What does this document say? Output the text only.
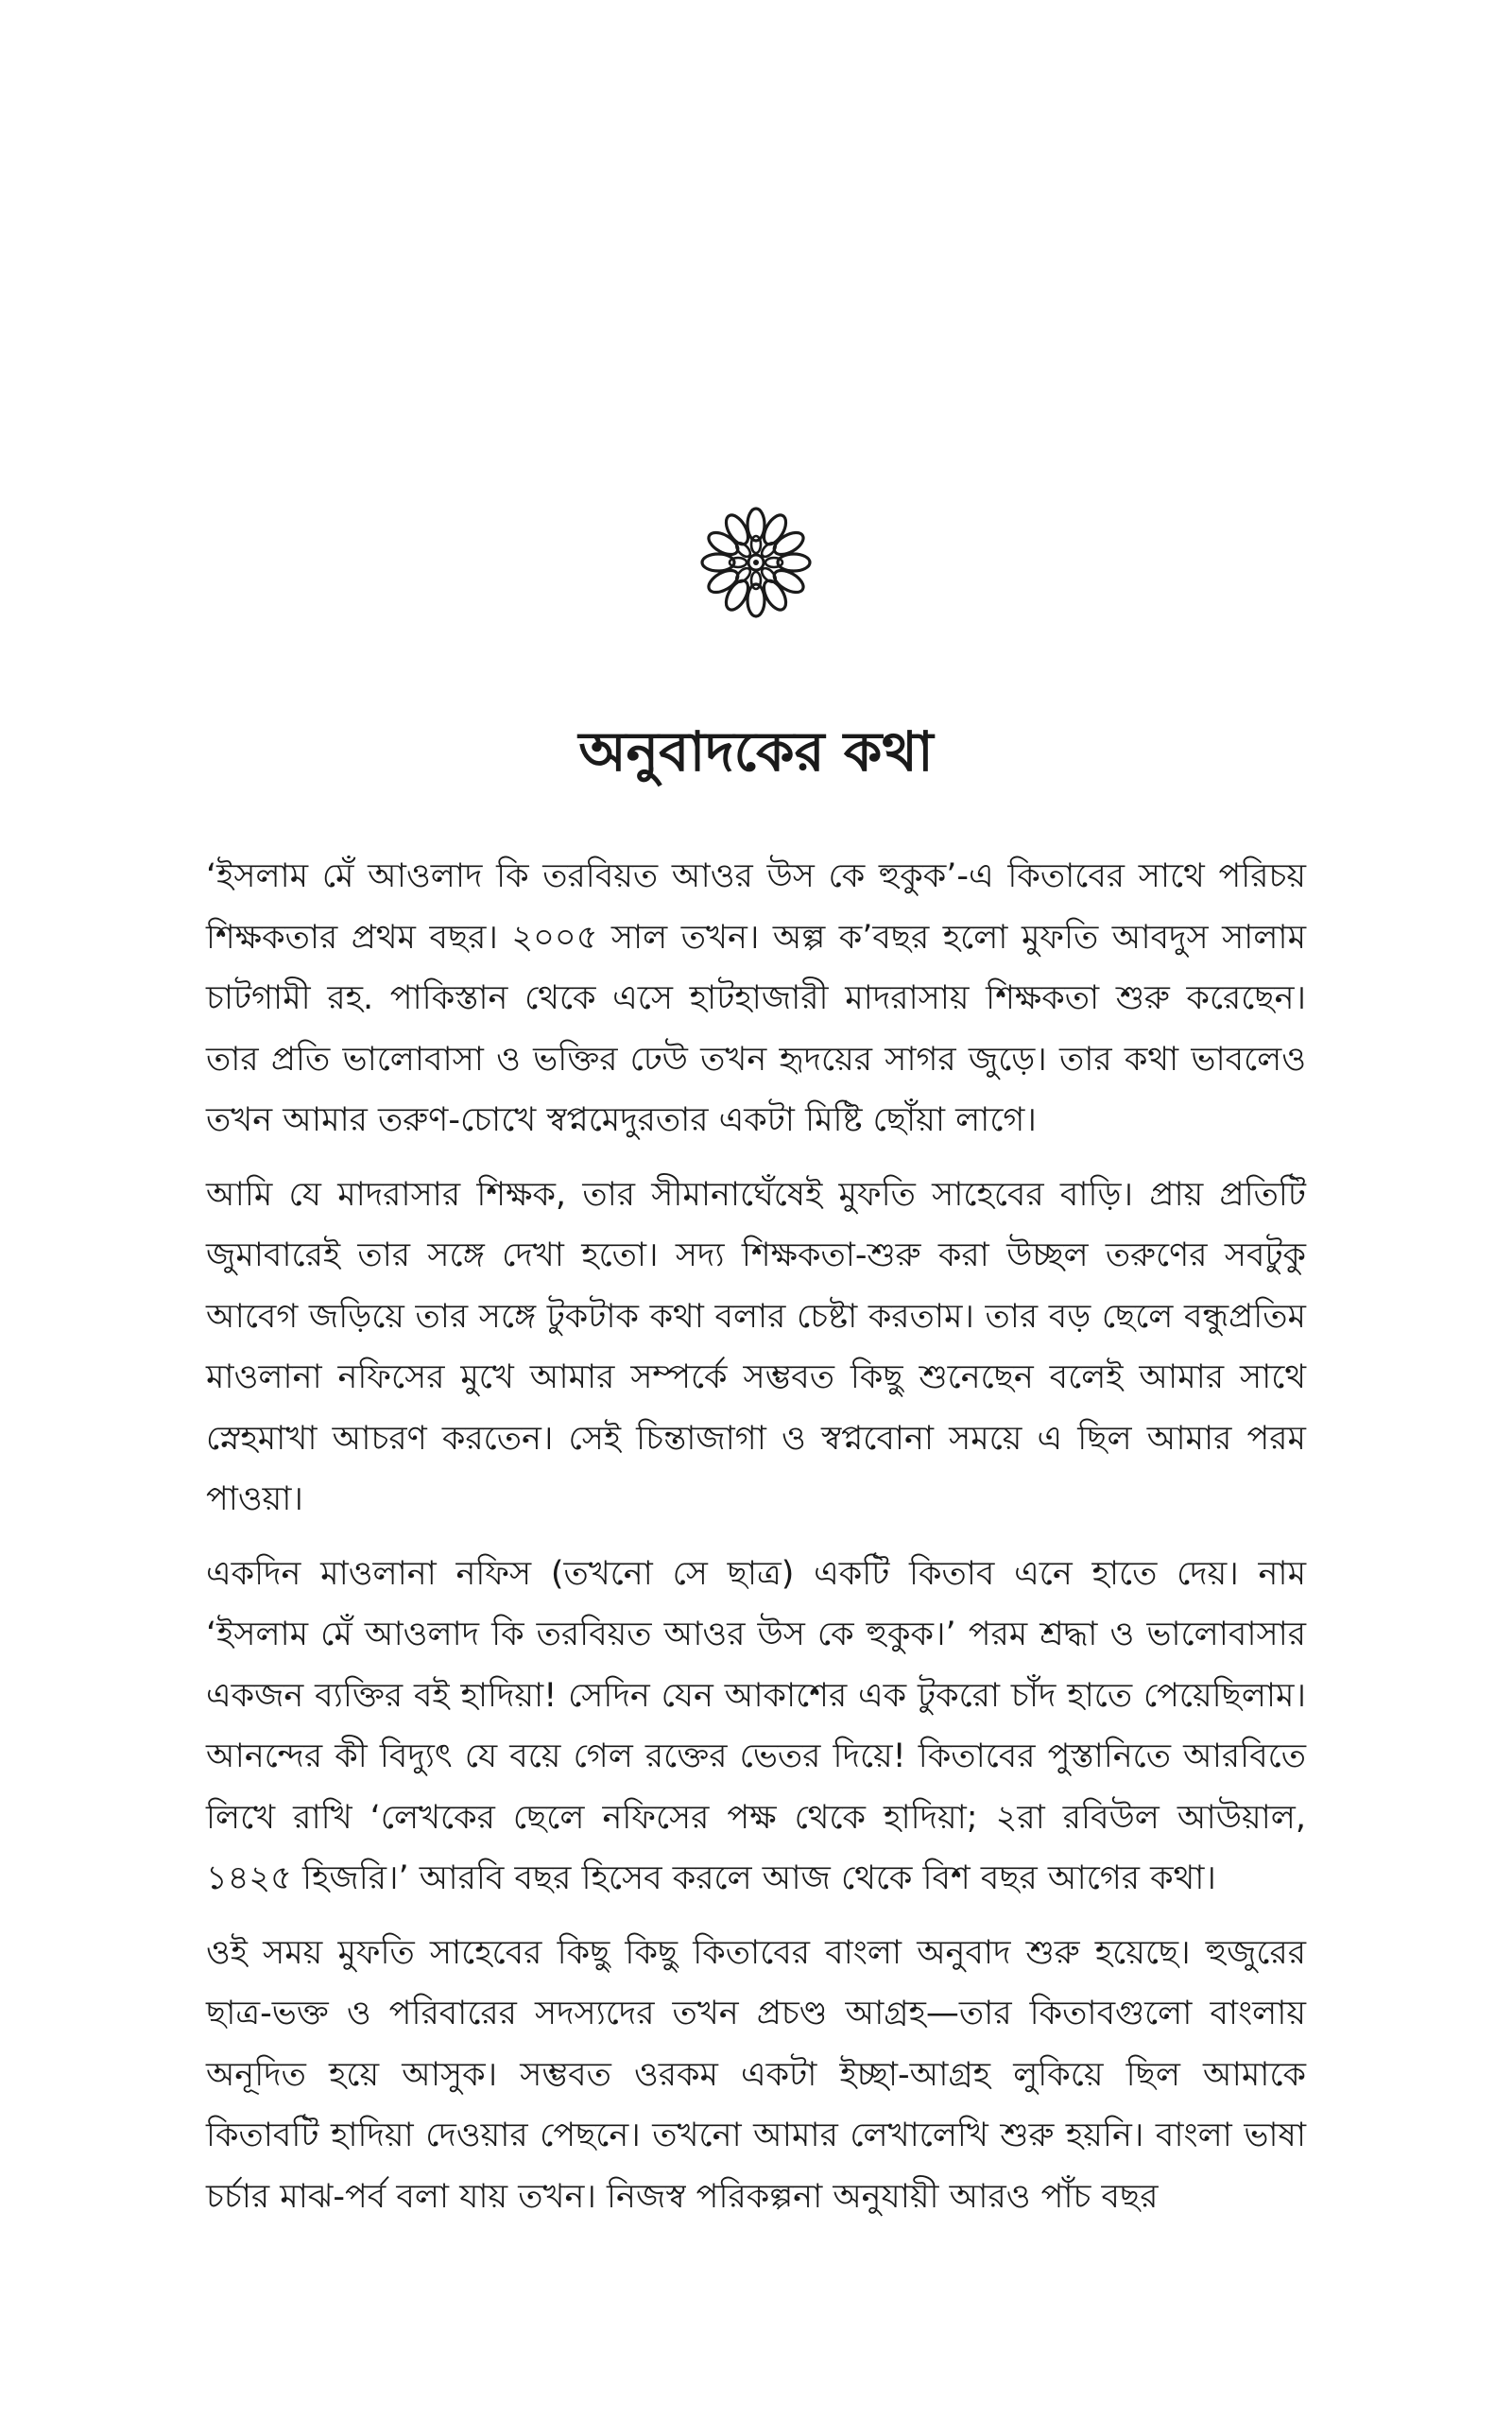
অনুবাদকের কথা

‘ইসলাম মেঁ আওলাদ কি তরবিয়ত আওর উস কে হুকুক’-এ কিতাবের সাথে পরিচয় শিক্ষকতার প্রথম বছর। ২০০৫ সাল তখন। অল্প ক’বছর হলো মুফতি আবদুস সালাম চাটগামী রহ. পাকিস্তান থেকে এসে হাটহাজারী মাদরাসায় শিক্ষকতা শুরু করেছেন। তার প্রতি ভালোবাসা ও ভক্তির ঢেউ তখন হৃদয়ের সাগর জুড়ে। তার কথা ভাবলেও তখন আমার তরুণ-চোখে স্বপ্নমেদুরতার একটা মিষ্টি ছোঁয়া লাগে।

আমি যে মাদরাসার শিক্ষক, তার সীমানাঘেঁষেই মুফতি সাহেবের বাড়ি। প্রায় প্রতিটি জুমাবারেই তার সঙ্গে দেখা হতো। সদ্য শিক্ষকতা-শুরু করা উচ্ছল তরুণের সবটুকু আবেগ জড়িয়ে তার সঙ্গে টুকটাক কথা বলার চেষ্টা করতাম। তার বড় ছেলে বন্ধুপ্রতিম মাওলানা নফিসের মুখে আমার সম্পর্কে সম্ভবত কিছু শুনেছেন বলেই আমার সাথে স্নেহমাখা আচরণ করতেন। সেই চিন্তাজাগা ও স্বপ্নবোনা সময়ে এ ছিল আমার পরম পাওয়া।

একদিন মাওলানা নফিস (তখনো সে ছাত্র) একটি কিতাব এনে হাতে দেয়। নাম ‘ইসলাম মেঁ আওলাদ কি তরবিয়ত আওর উস কে হুকুক।’ পরম শ্রদ্ধা ও ভালোবাসার একজন ব্যক্তির বই হাদিয়া! সেদিন যেন আকাশের এক টুকরো চাঁদ হাতে পেয়েছিলাম। আনন্দের কী বিদ্যুৎ যে বয়ে গেল রক্তের ভেতর দিয়ে! কিতাবের পুস্তানিতে আরবিতে লিখে রাখি ‘লেখকের ছেলে নফিসের পক্ষ থেকে হাদিয়া; ২রা রবিউল আউয়াল, ১৪২৫ হিজরি।’ আরবি বছর হিসেব করলে আজ থেকে বিশ বছর আগের কথা।

ওই সময় মুফতি সাহেবের কিছু কিছু কিতাবের বাংলা অনুবাদ শুরু হয়েছে। হুজুরের ছাত্র-ভক্ত ও পরিবারের সদস্যদের তখন প্রচণ্ড আগ্রহ—তার কিতাবগুলো বাংলায় অনূদিত হয়ে আসুক। সম্ভবত ওরকম একটা ইচ্ছা-আগ্রহ লুকিয়ে ছিল আমাকে কিতাবটি হাদিয়া দেওয়ার পেছনে। তখনো আমার লেখালেখি শুরু হয়নি। বাংলা ভাষা চর্চার মাঝ-পর্ব বলা যায় তখন। নিজস্ব পরিকল্পনা অনুযায়ী আরও পাঁচ বছর
